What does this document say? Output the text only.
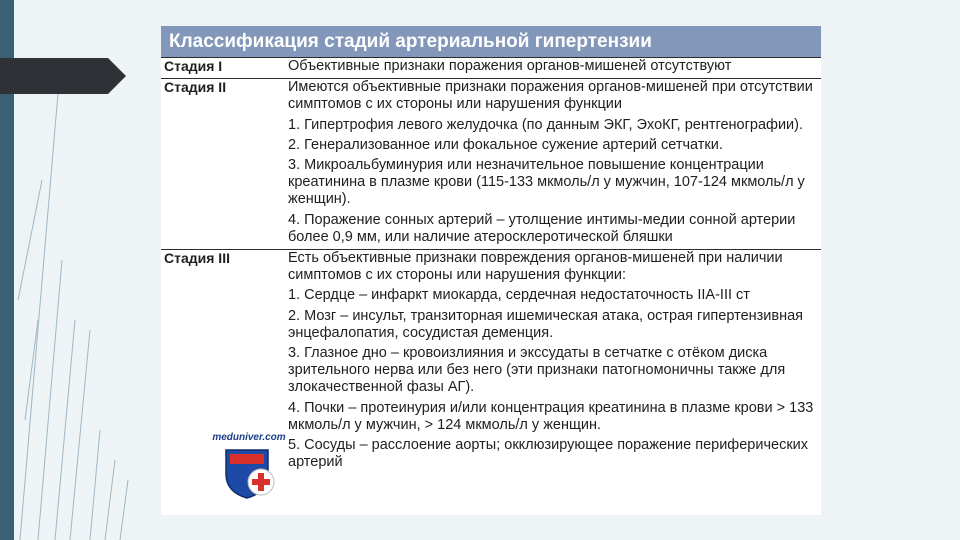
Классификация стадий артериальной гипертензии
Стадия I	Объективные признаки поражения органов-мишеней отсутствуют

Стадия II	Имеются объективные признаки поражения органов-мишеней при отсутствии симптомов с их стороны или нарушения функции

1. Гипертрофия левого желудочка (по данным ЭКГ, ЭхоКГ, рентгенографии).

2. Генерализованное или фокальное сужение артерий сетчатки.

3. Микроальбуминурия или незначительное повышение концентрации креатинина в плазме крови (115-133 мкмоль/л у мужчин, 107-124 мкмоль/л у женщин).

4. Поражение сонных артерий – утолщение интимы-медии сонной артерии более 0,9 мм, или наличие атеросклеротической бляшки

Стадия III	Есть объективные признаки повреждения органов-мишеней при наличии симптомов с их стороны или нарушения функции:

1. Сердце – инфаркт миокарда, сердечная недостаточность IIA-III ст

2. Мозг – инсульт, транзиторная ишемическая атака, острая гипертензивная энцефалопатия, сосудистая деменция.

3. Глазное дно – кровоизлияния и экссудаты в сетчатке с отёком диска зрительного нерва или без него (эти признаки патогномоничны также для злокачественной фазы АГ).

4. Почки – протеинурия и/или концентрация креатинина в плазме крови > 133 мкмоль/л у мужчин, > 124 мкмоль/л у женщин.

5. Сосуды – расслоение аорты; окклюзирующее поражение периферических артерий

meduniver.com
